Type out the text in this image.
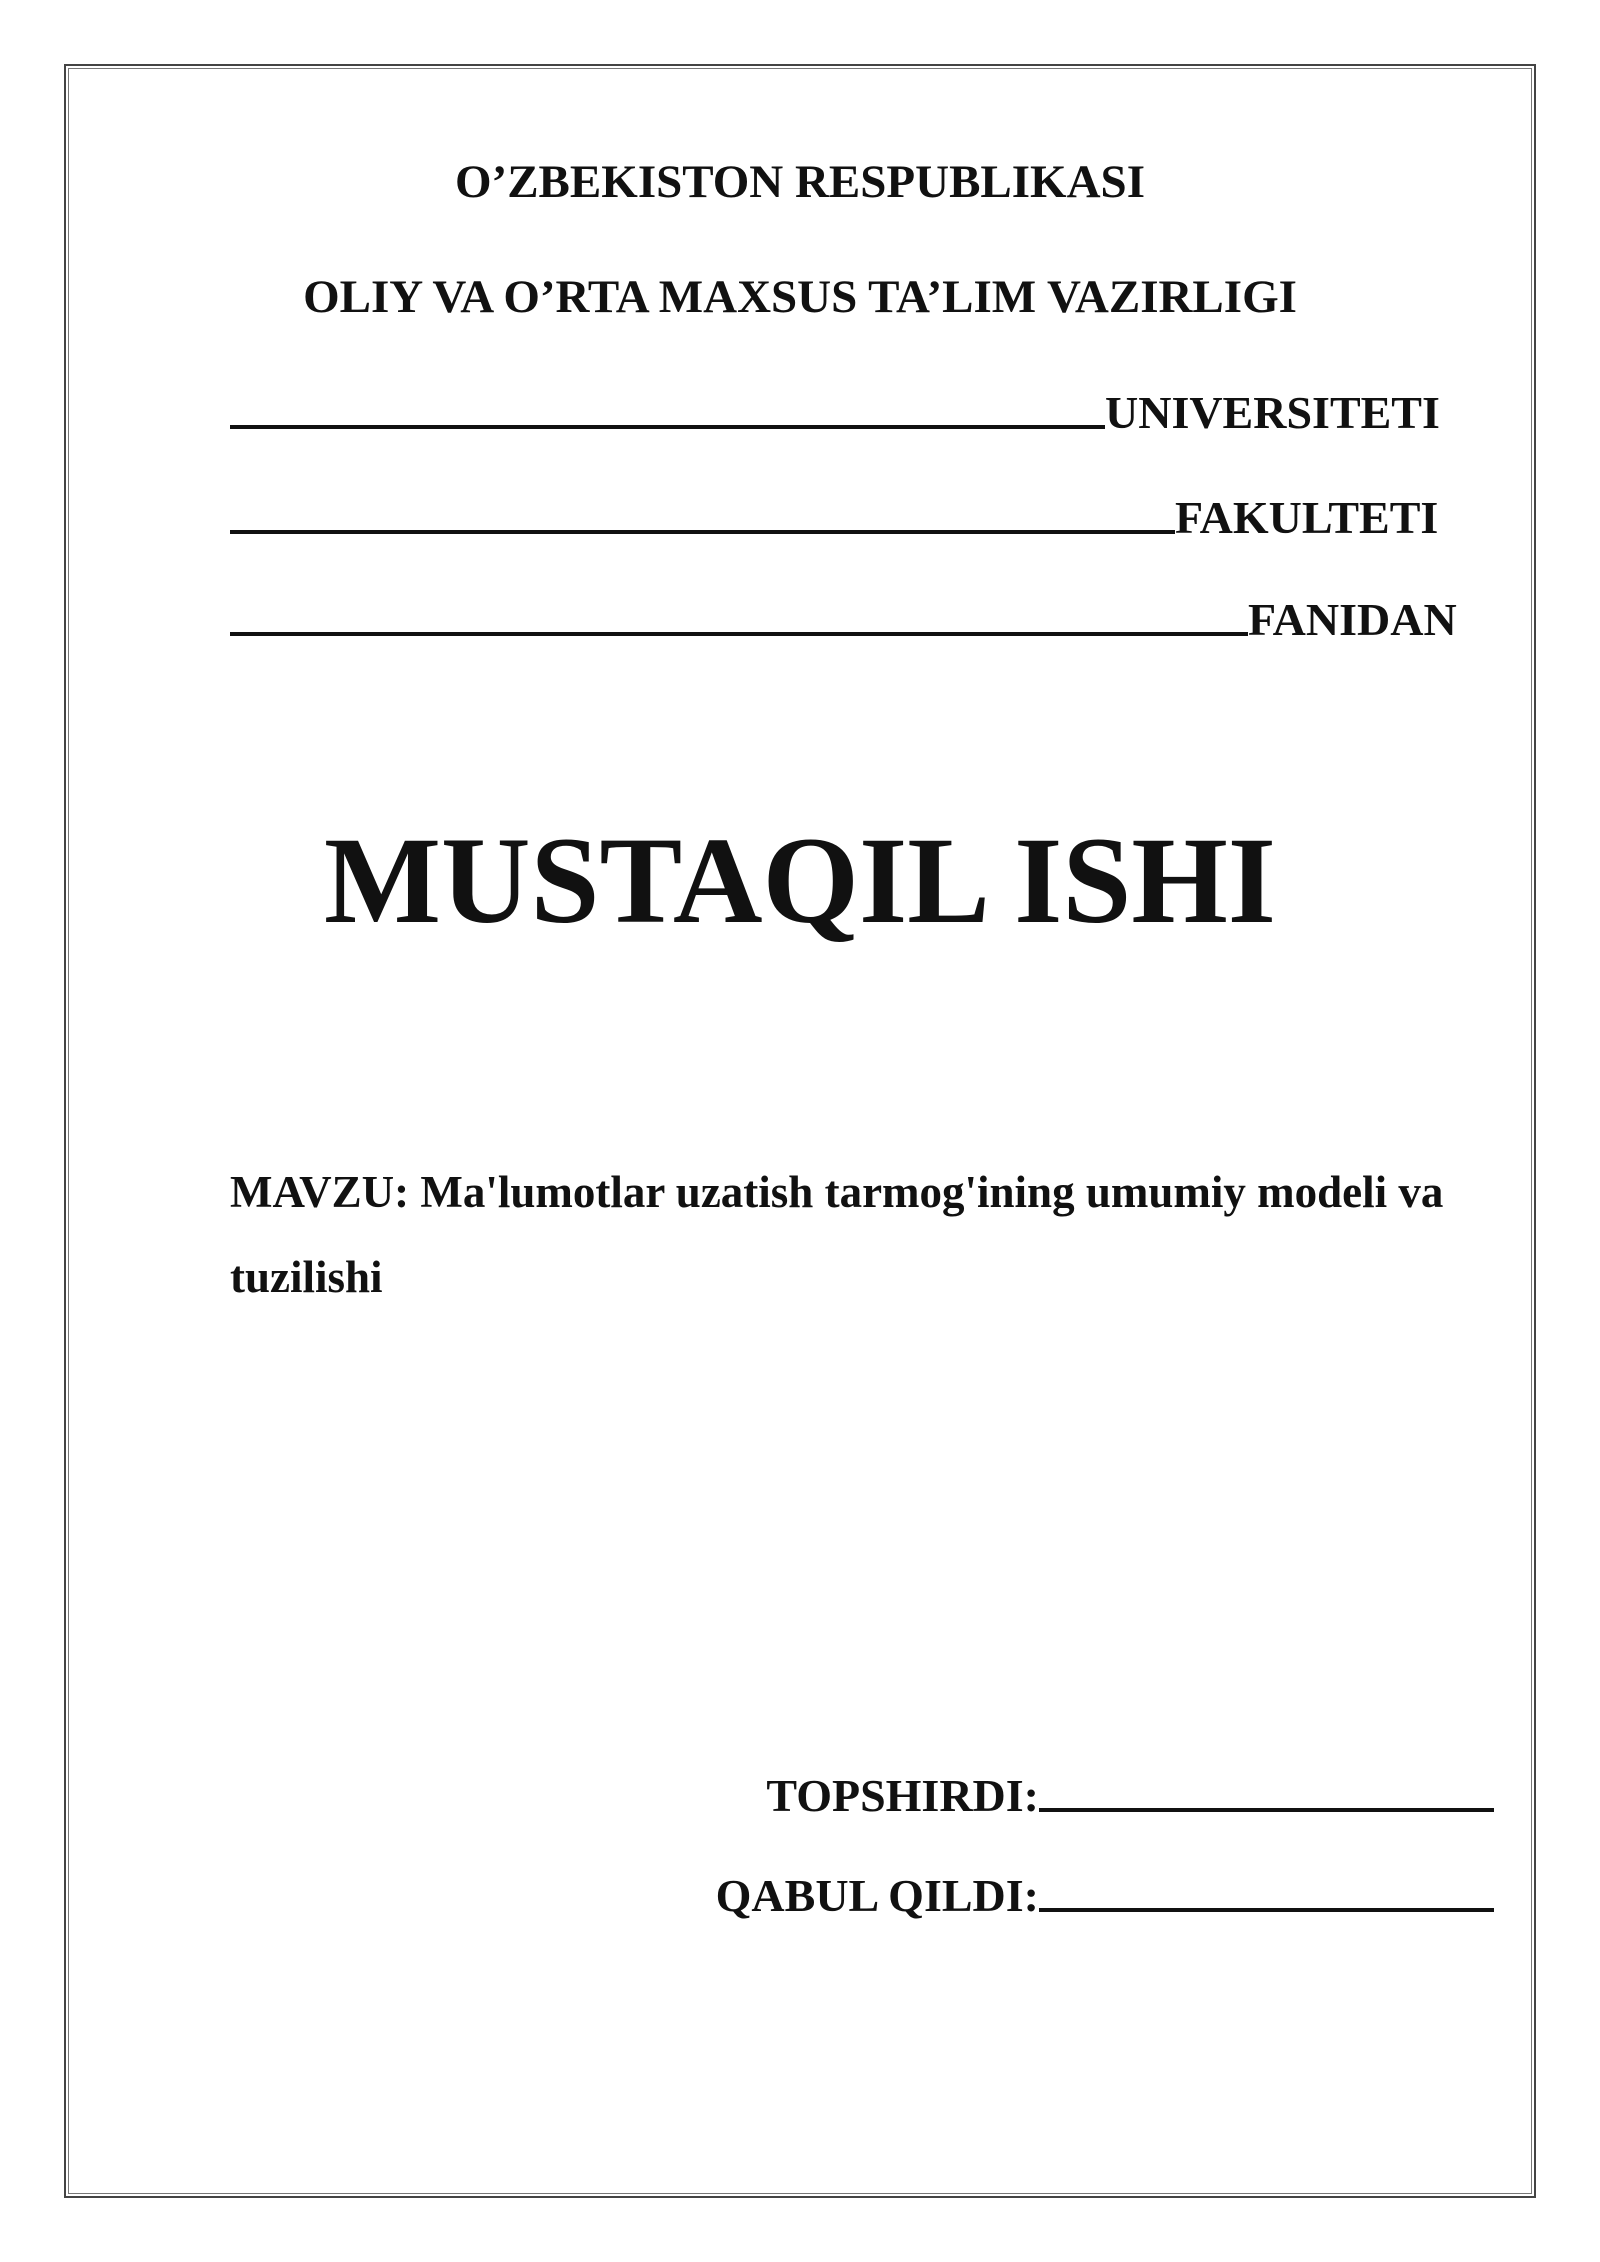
O’ZBEKISTON RESPUBLIKASI
OLIY VA O’RTA MAXSUS TA’LIM VAZIRLIGI
UNIVERSITETI
FAKULTETI
FANIDAN
MUSTAQIL ISHI
MAVZU: Ma'lumotlar uzatish tarmog'ining umumiy modeli va tuzilishi
TOPSHIRDI:
QABUL QILDI:
